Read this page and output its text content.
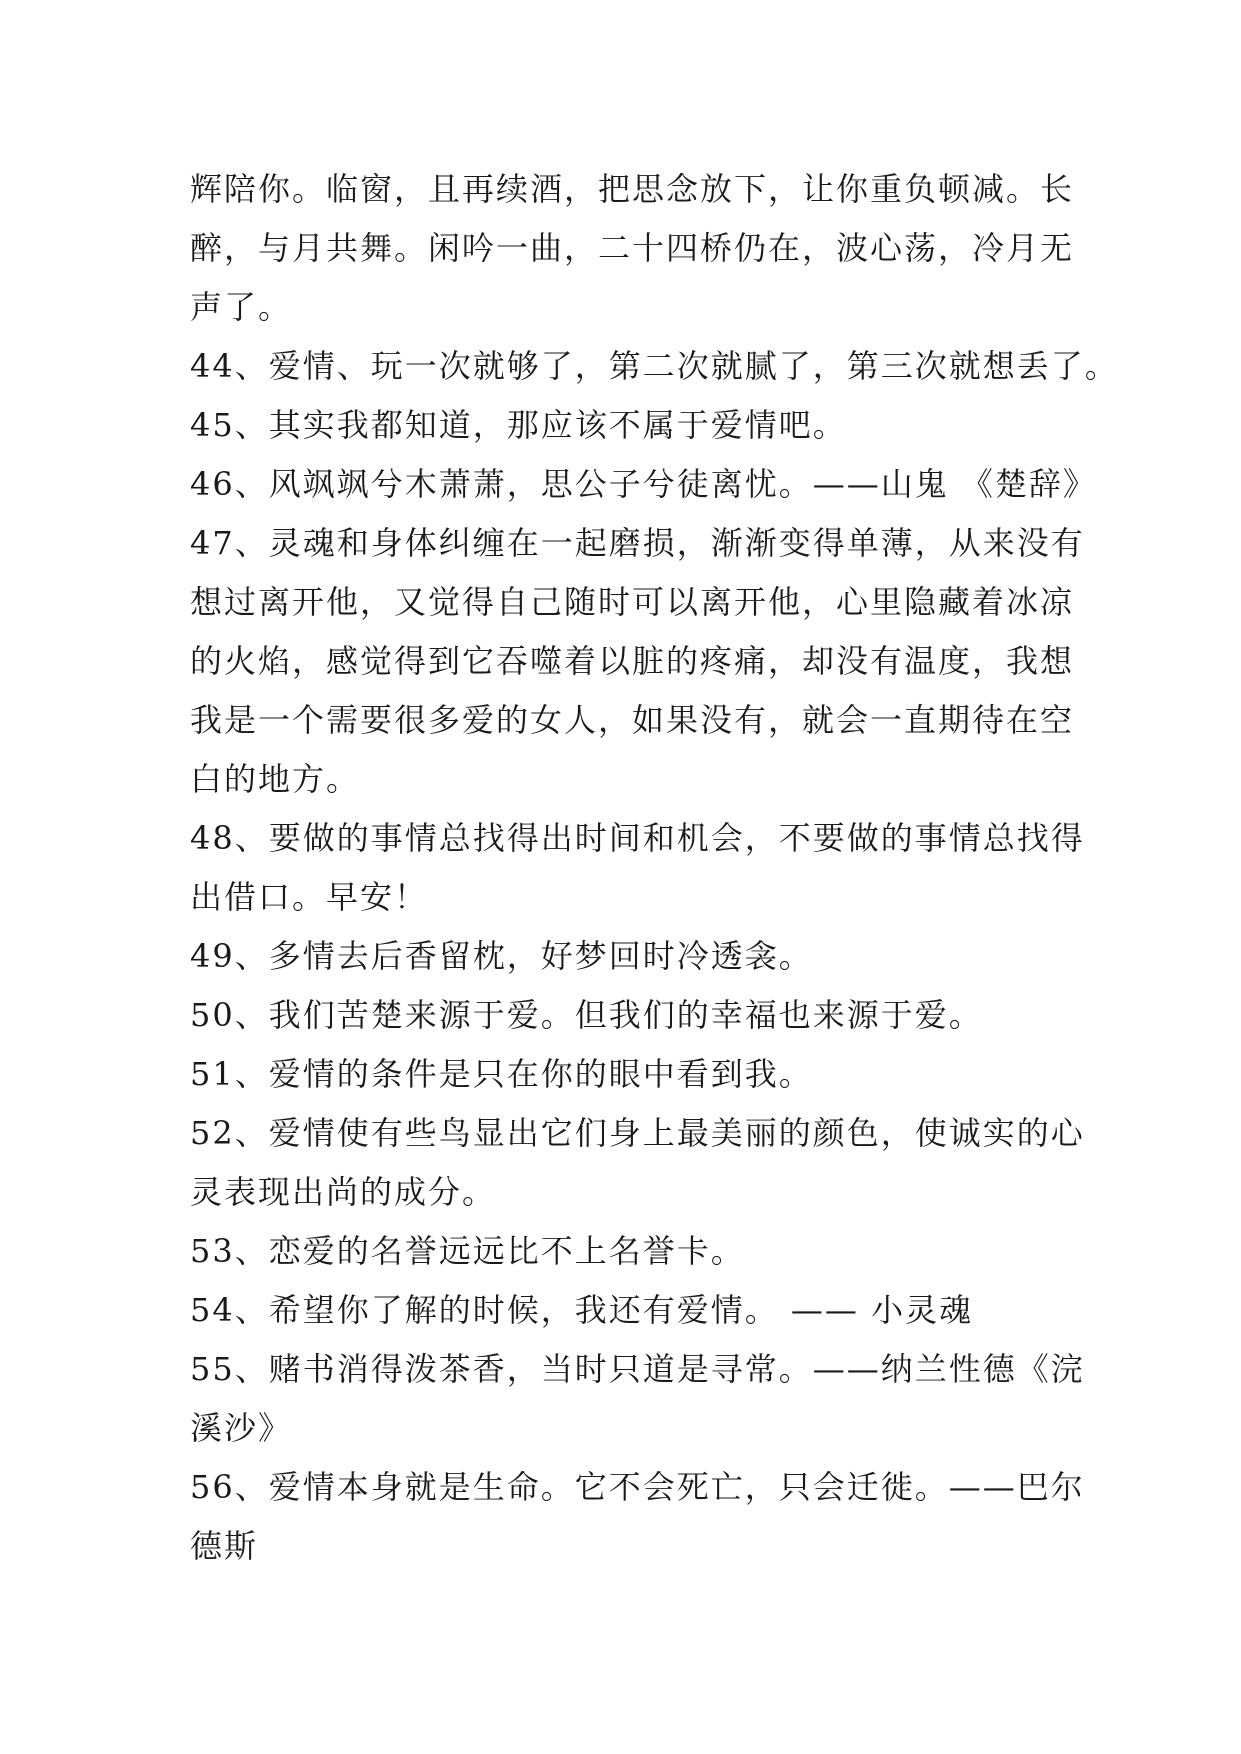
辉陪你。临窗，且再续酒，把思念放下，让你重负顿减。长
醉，与月共舞。闲吟一曲，二十四桥仍在，波心荡，冷月无
声了。
44、爱情、玩一次就够了，第二次就腻了，第三次就想丢了。
45、其实我都知道，那应该不属于爱情吧。
46、风飒飒兮木萧萧，思公子兮徒离忧。——山鬼 《楚辞》
47、灵魂和身体纠缠在一起磨损，渐渐变得单薄，从来没有
想过离开他，又觉得自己随时可以离开他，心里隐藏着冰凉
的火焰，感觉得到它吞噬着以脏的疼痛，却没有温度，我想
我是一个需要很多爱的女人，如果没有，就会一直期待在空
白的地方。
48、要做的事情总找得出时间和机会，不要做的事情总找得
出借口。早安！
49、多情去后香留枕，好梦回时冷透衾。
50、我们苦楚来源于爱。但我们的幸福也来源于爱。
51、爱情的条件是只在你的眼中看到我。
52、爱情使有些鸟显出它们身上最美丽的颜色，使诚实的心
灵表现出尚的成分。
53、恋爱的名誉远远比不上名誉卡。
54、希望你了解的时候，我还有爱情。 —— 小灵魂
55、赌书消得泼茶香，当时只道是寻常。——纳兰性德《浣
溪沙》
56、爱情本身就是生命。它不会死亡，只会迁徙。——巴尔
德斯
